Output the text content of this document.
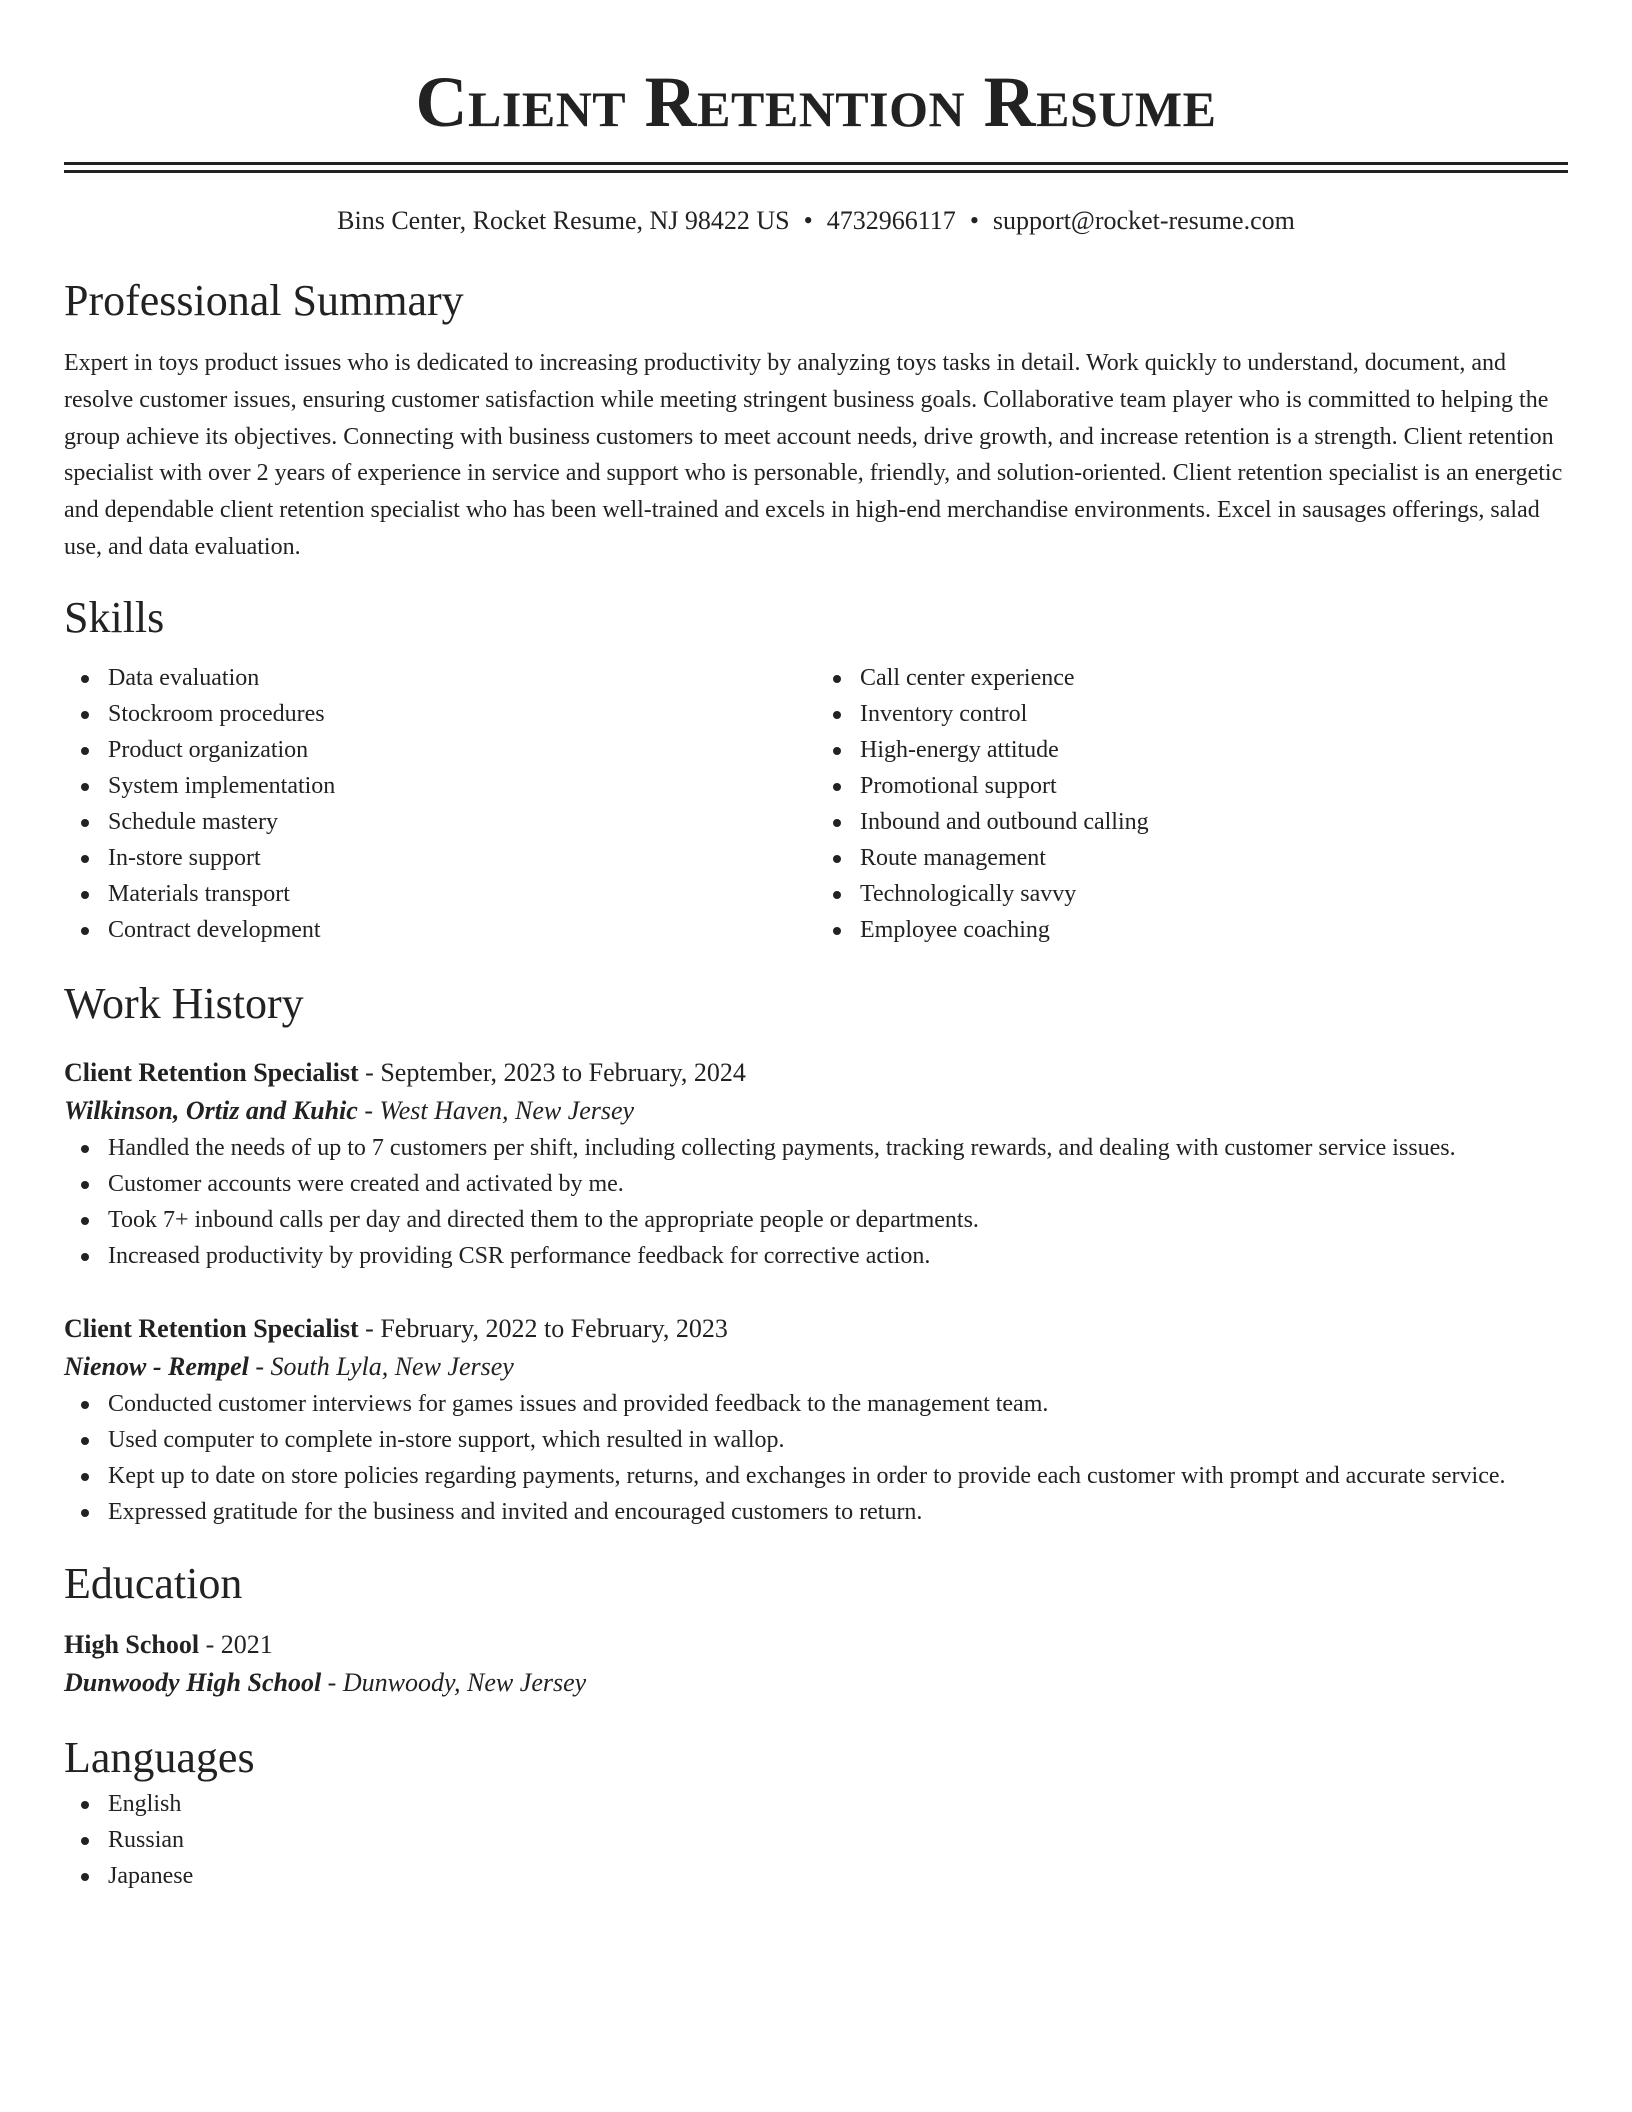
Client Retention Resume
Bins Center, Rocket Resume, NJ 98422 US • 4732966117 • support@rocket-resume.com
Professional Summary

Expert in toys product issues who is dedicated to increasing productivity by analyzing toys tasks in detail. Work quickly to understand, document, and resolve customer issues, ensuring customer satisfaction while meeting stringent business goals. Collaborative team player who is committed to helping the group achieve its objectives. Connecting with business customers to meet account needs, drive growth, and increase retention is a strength. Client retention specialist with over 2 years of experience in service and support who is personable, friendly, and solution-oriented. Client retention specialist is an energetic and dependable client retention specialist who has been well-trained and excels in high-end merchandise environments. Excel in sausages offerings, salad use, and data evaluation.

Skills
Data evaluation
Stockroom procedures
Product organization
System implementation
Schedule mastery
In-store support
Materials transport
Contract development
Call center experience
Inventory control
High-energy attitude
Promotional support
Inbound and outbound calling
Route management
Technologically savvy
Employee coaching
Work History
Client Retention Specialist - September, 2023 to February, 2024
Wilkinson, Ortiz and Kuhic - West Haven, New Jersey
Handled the needs of up to 7 customers per shift, including collecting payments, tracking rewards, and dealing with customer service issues.
Customer accounts were created and activated by me.
Took 7+ inbound calls per day and directed them to the appropriate people or departments.
Increased productivity by providing CSR performance feedback for corrective action.
Client Retention Specialist - February, 2022 to February, 2023
Nienow - Rempel - South Lyla, New Jersey
Conducted customer interviews for games issues and provided feedback to the management team.
Used computer to complete in-store support, which resulted in wallop.
Kept up to date on store policies regarding payments, returns, and exchanges in order to provide each customer with prompt and accurate service.
Expressed gratitude for the business and invited and encouraged customers to return.
Education
High School - 2021
Dunwoody High School - Dunwoody, New Jersey
Languages
English
Russian
Japanese
